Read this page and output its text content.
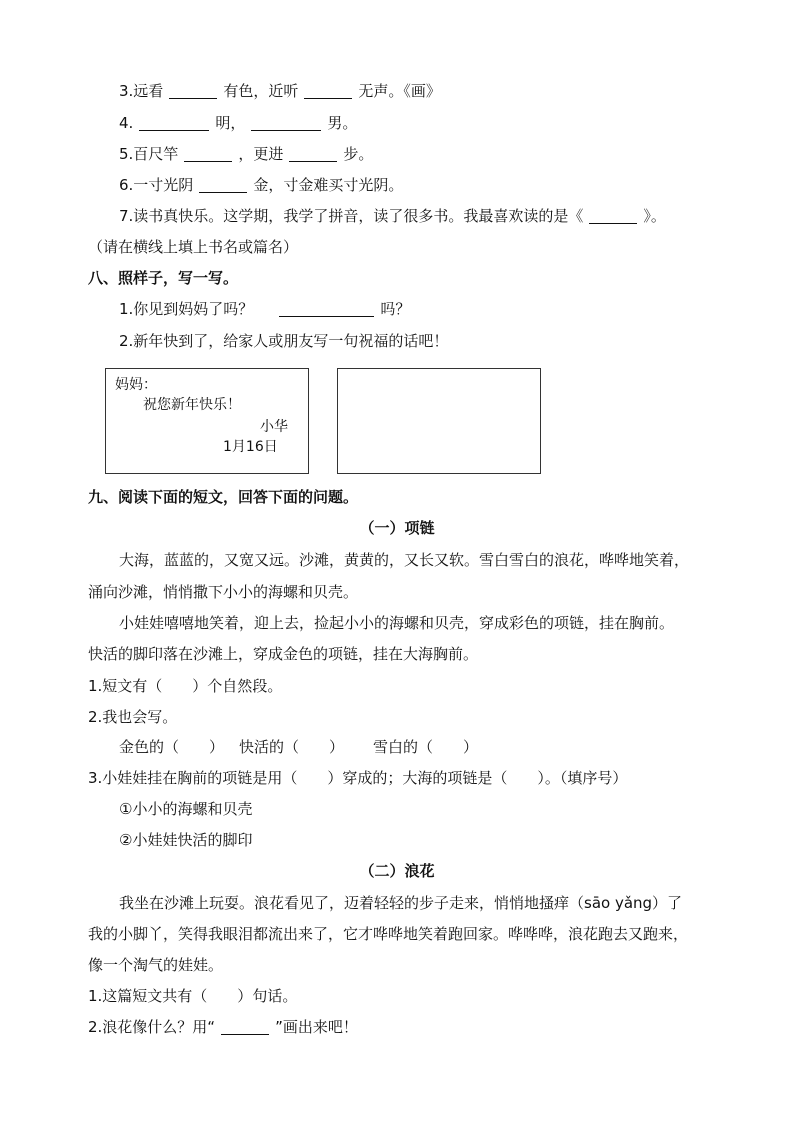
3.远看	有色，近听	无声。《画》
4.	明，	男。
5.百尺竿	，更进	步。
6.一寸光阴	金，寸金难买寸光阴。
7.读书真快乐。这学期，我学了拼音，读了很多书。我最喜欢读的是《	》。
（请在横线上填上书名或篇名）
八、照样子，写一写。
1.你见到妈妈了吗？	吗？
2.新年快到了，给家人或朋友写一句祝福的话吧！
妈妈：
祝您新年快乐！
小华
1月16日
九、阅读下面的短文，回答下面的问题。
（一）项链
大海，蓝蓝的，又宽又远。沙滩，黄黄的，又长又软。雪白雪白的浪花，哗哗地笑着，
涌向沙滩，悄悄撒下小小的海螺和贝壳。
小娃娃嘻嘻地笑着，迎上去，捡起小小的海螺和贝壳，穿成彩色的项链，挂在胸前。
快活的脚印落在沙滩上，穿成金色的项链，挂在大海胸前。
1.短文有（　　）个自然段。
2.我也会写。
金色的（　　） 快活的（　　） 雪白的（　　）
3.小娃娃挂在胸前的项链是用（　　）穿成的；大海的项链是（　　）。（填序号）
①小小的海螺和贝壳
②小娃娃快活的脚印
（二）浪花
我坐在沙滩上玩耍。浪花看见了，迈着轻轻的步子走来，悄悄地搔痒（sāo yǎng）了
我的小脚丫，笑得我眼泪都流出来了，它才哗哗地笑着跑回家。哗哗哗，浪花跑去又跑来，
像一个淘气的娃娃。
1.这篇短文共有（　　）句话。
2.浪花像什么？用“	”画出来吧！
